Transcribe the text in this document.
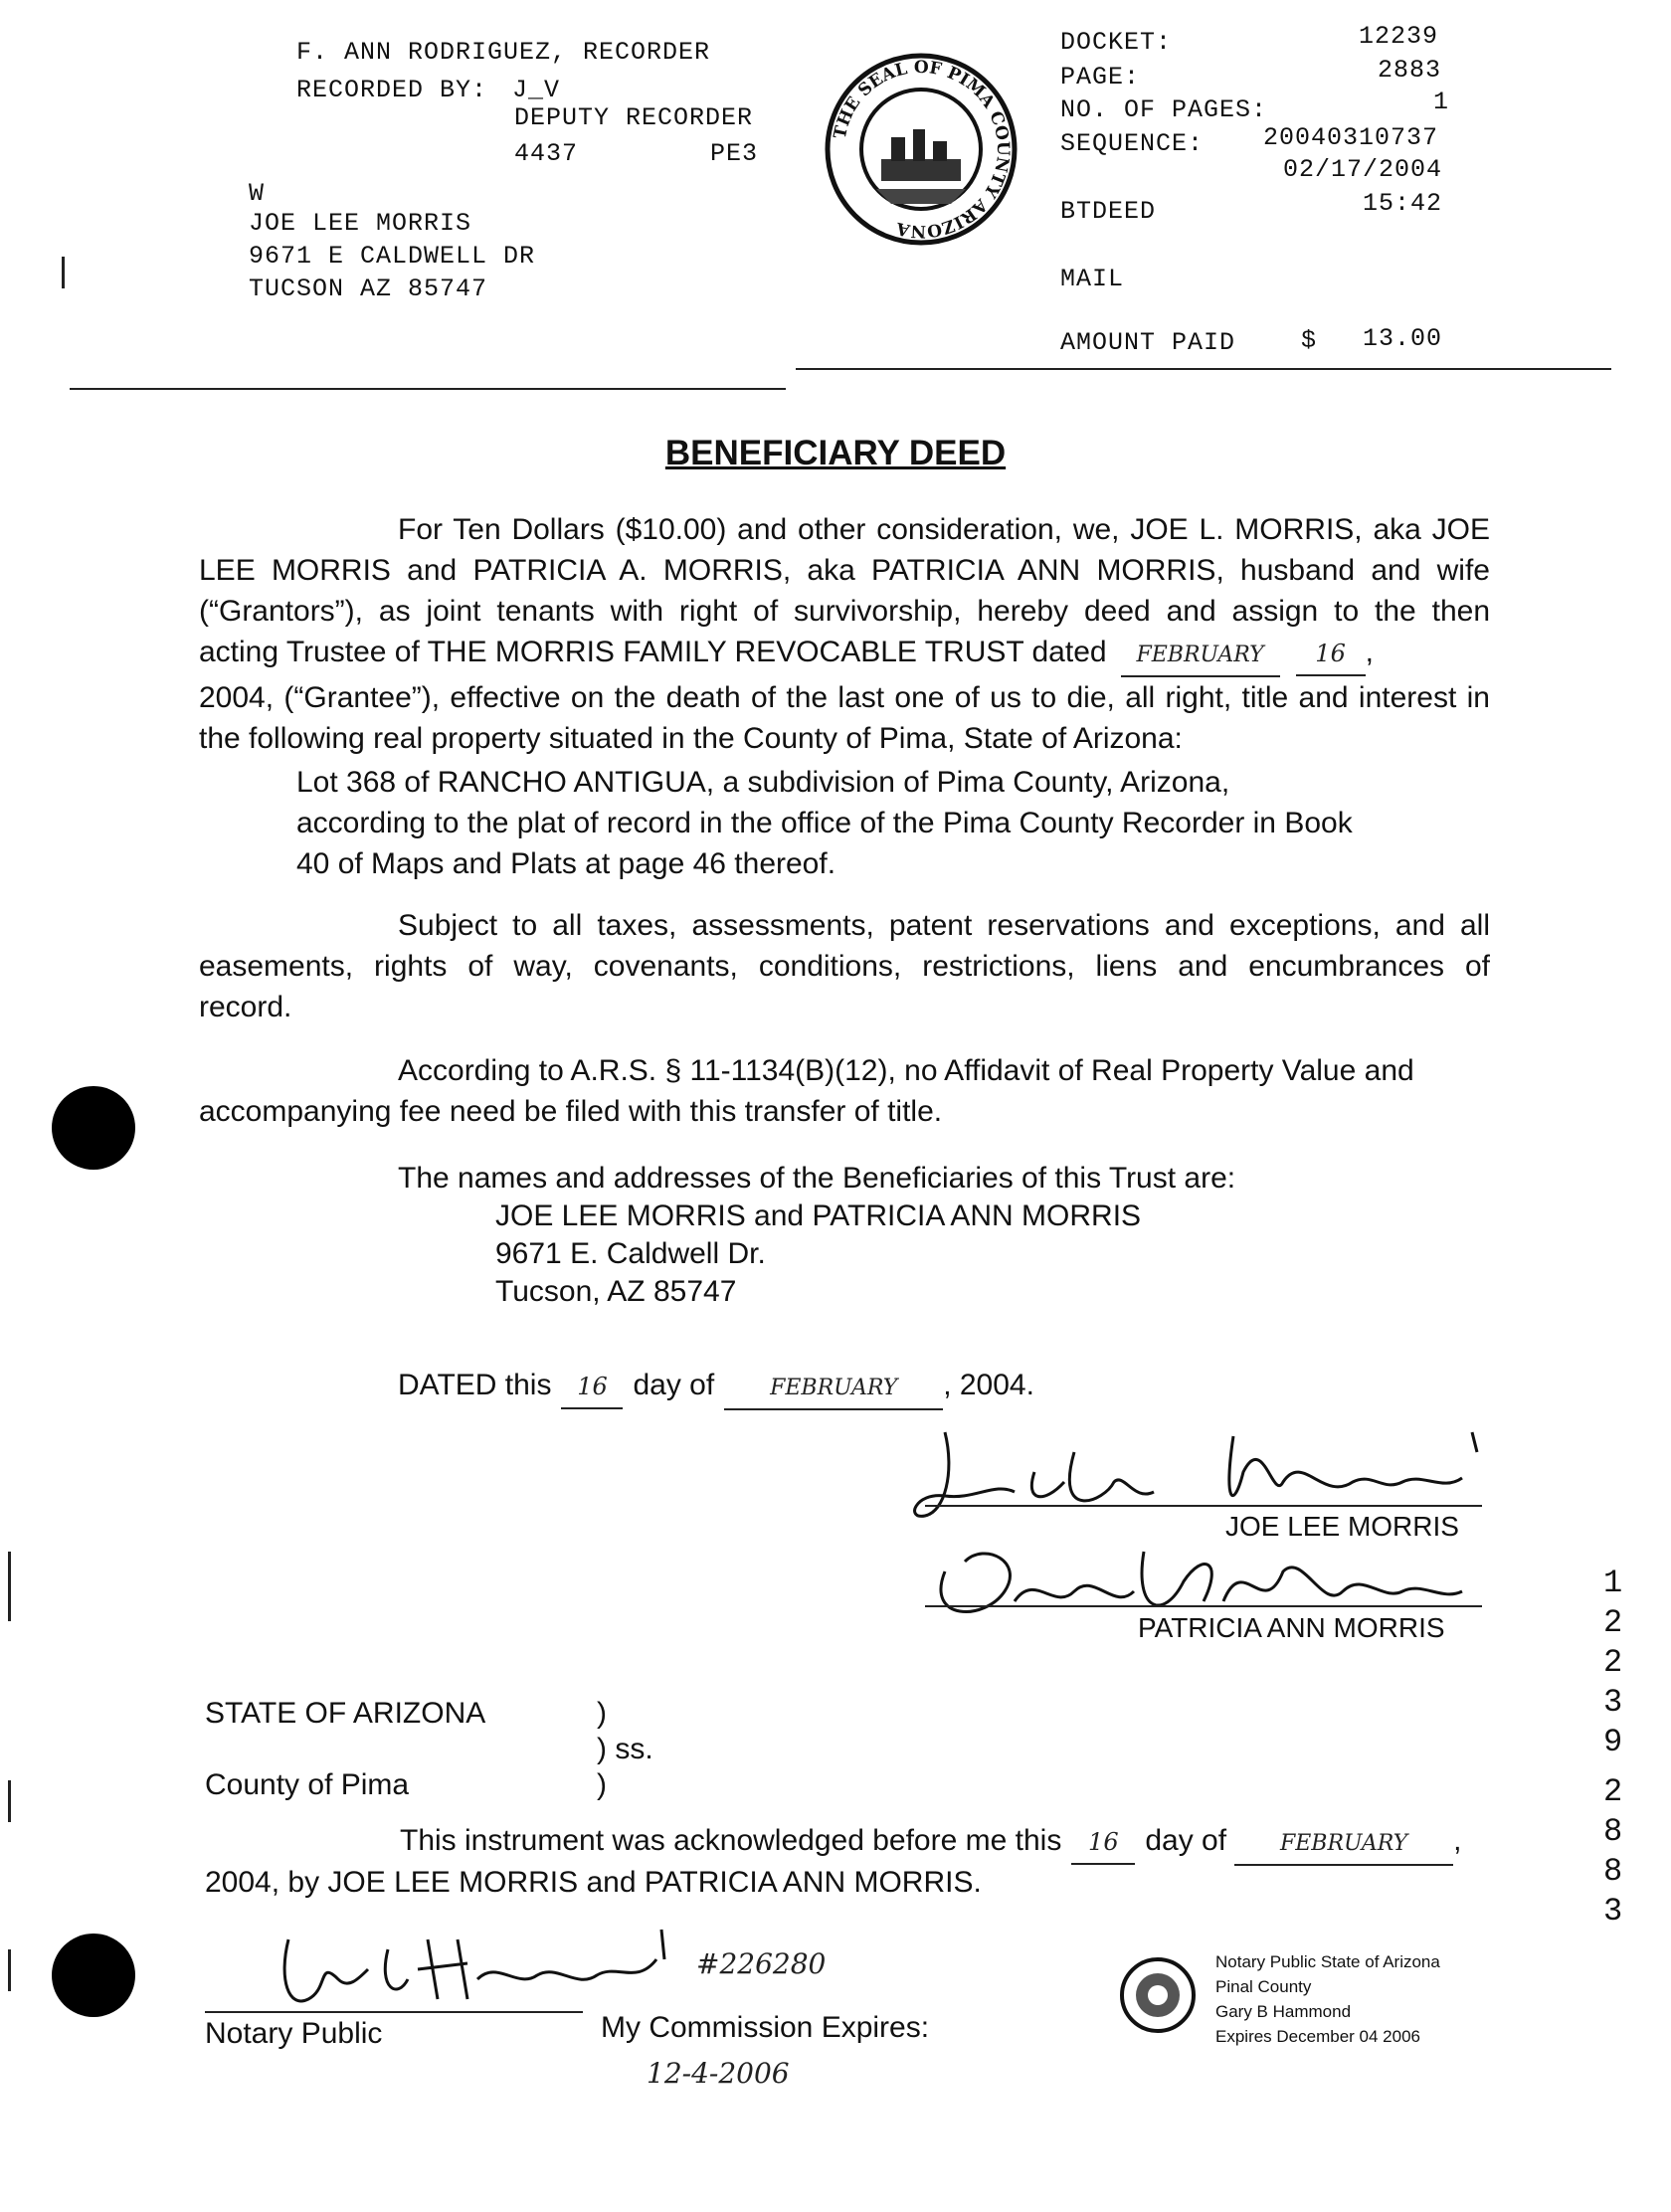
F. ANN RODRIGUEZ, RECORDER
RECORDED BY: J_V
DEPUTY RECORDER
4437	PE3
W
JOE LEE MORRIS
9671 E CALDWELL DR
TUCSON AZ 85747
THE SEAL OF PIMA COUNTY ARIZONA
DOCKET:	12239
PAGE:	2883
NO. OF PAGES:	1
SEQUENCE: 20040310737
02/17/2004
BTDEED	15:42
MAIL
AMOUNT PAID	$ 13.00
BENEFICIARY DEED
For Ten Dollars ($10.00) and other consideration, we, JOE L. MORRIS, aka JOE
LEE MORRIS and PATRICIA A. MORRIS, aka PATRICIA ANN MORRIS, husband and wife
(“Grantors”), as joint tenants with right of survivorship, hereby deed and assign to the then
acting Trustee of THE MORRIS FAMILY REVOCABLE TRUST dated	FEBRUARY	16 ,
2004, (“Grantee”), effective on the death of the last one of us to die, all right, title and interest in
the following real property situated in the County of Pima, State of Arizona:
Lot 368 of RANCHO ANTIGUA, a subdivision of Pima County, Arizona,
according to the plat of record in the office of the Pima County Recorder in Book
40 of Maps and Plats at page 46 thereof.
Subject to all taxes, assessments, patent reservations and exceptions, and all
easements, rights of way, covenants, conditions, restrictions, liens and encumbrances of
record.
According to A.R.S. § 11-1134(B)(12), no Affidavit of Real Property Value and
accompanying fee need be filed with this transfer of title.
The names and addresses of the Beneficiaries of this Trust are:
JOE LEE MORRIS and PATRICIA ANN MORRIS
9671 E. Caldwell Dr.
Tucson, AZ 85747
DATED this	16 day of	FEBRUARY	, 2004.
JOE LEE MORRIS
PATRICIA ANN MORRIS
STATE OF ARIZONA	)
) ss.
)
County of Pima
This instrument was acknowledged before me this	16 day of	FEBRUARY	,
2004, by JOE LEE MORRIS and PATRICIA ANN MORRIS.
#226280
Notary Public	My Commission Expires:
12-4-2006
Notary Public State of Arizona
Pinal County
Gary B Hammond
Expires December 04 2006
1
2
2
3
9
2
8
8
3
